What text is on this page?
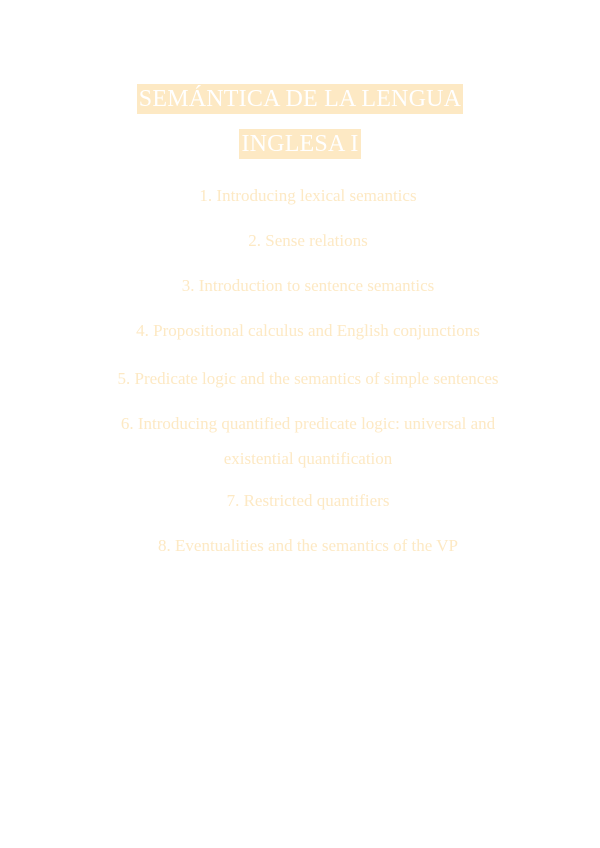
SEMÁNTICA DE LA LENGUA
INGLESA I
1. Introducing lexical semantics
2. Sense relations
3. Introduction to sentence semantics
4. Propositional calculus and English conjunctions
5. Predicate logic and the semantics of simple sentences
6. Introducing quantified predicate logic: universal and existential quantification
7. Restricted quantifiers
8. Eventualities and the semantics of the VP
